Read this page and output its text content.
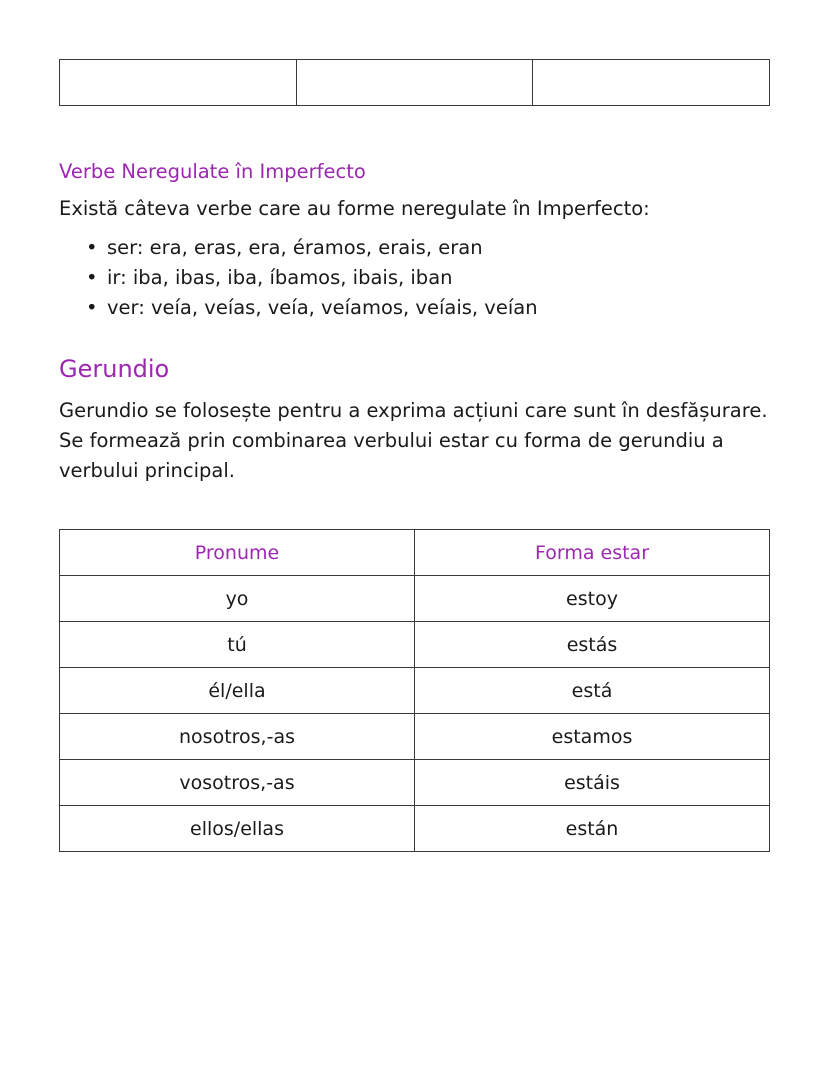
Verbe Neregulate în Imperfecto

Există câteva verbe care au forme neregulate în Imperfecto:

• ser: era, eras, era, éramos, erais, eran
• ir: iba, ibas, iba, íbamos, ibais, iban
• ver: veía, veías, veía, veíamos, veíais, veían
Gerundio

Gerundio se folosește pentru a exprima acțiuni care sunt în desfășurare. Se formează prin combinarea verbului estar cu forma de gerundiu a verbului principal.

Pronume	Forma estar
yo	estoy
tú	estás
él/ella	está
nosotros,-as	estamos
vosotros,-as	estáis
ellos/ellas	están
